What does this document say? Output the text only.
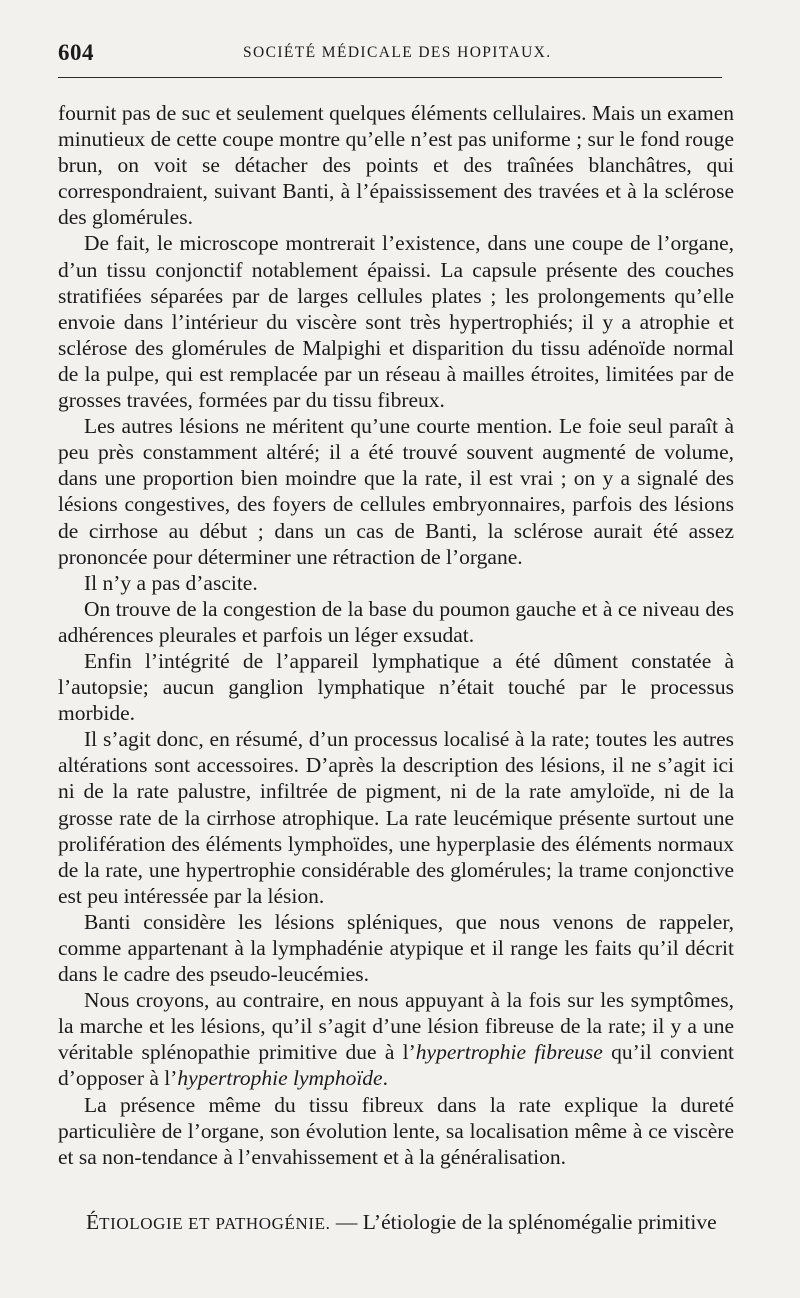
604	SOCIÉTÉ MÉDICALE DES HOPITAUX.

fournit pas de suc et seulement quelques éléments cellulaires. Mais un examen minutieux de cette coupe montre qu’elle n’est pas uniforme ; sur le fond rouge brun, on voit se détacher des points et des traînées blanchâtres, qui correspondraient, suivant Banti, à l’épaississement des travées et à la sclérose des glomérules.

De fait, le microscope montrerait l’existence, dans une coupe de l’organe, d’un tissu conjonctif notablement épaissi. La capsule présente des couches stratifiées séparées par de larges cellules plates ; les prolongements qu’elle envoie dans l’intérieur du viscère sont très hypertrophiés; il y a atrophie et sclérose des glomérules de Malpighi et disparition du tissu adénoïde normal de la pulpe, qui est remplacée par un réseau à mailles étroites, limitées par de grosses travées, formées par du tissu fibreux.

Les autres lésions ne méritent qu’une courte mention. Le foie seul paraît à peu près constamment altéré; il a été trouvé souvent augmenté de volume, dans une proportion bien moindre que la rate, il est vrai ; on y a signalé des lésions congestives, des foyers de cellules embryonnaires, parfois des lésions de cirrhose au début ; dans un cas de Banti, la sclérose aurait été assez prononcée pour déterminer une rétraction de l’organe.

Il n’y a pas d’ascite.

On trouve de la congestion de la base du poumon gauche et à ce niveau des adhérences pleurales et parfois un léger exsudat.

Enfin l’intégrité de l’appareil lymphatique a été dûment constatée à l’autopsie; aucun ganglion lymphatique n’était touché par le processus morbide.

Il s’agit donc, en résumé, d’un processus localisé à la rate; toutes les autres altérations sont accessoires. D’après la description des lésions, il ne s’agit ici ni de la rate palustre, infiltrée de pigment, ni de la rate amyloïde, ni de la grosse rate de la cirrhose atrophique. La rate leucémique présente surtout une prolifération des éléments lymphoïdes, une hyperplasie des éléments normaux de la rate, une hypertrophie considérable des glomérules; la trame conjonctive est peu intéressée par la lésion.

Banti considère les lésions spléniques, que nous venons de rappeler, comme appartenant à la lymphadénie atypique et il range les faits qu’il décrit dans le cadre des pseudo-leucémies.

Nous croyons, au contraire, en nous appuyant à la fois sur les symptômes, la marche et les lésions, qu’il s’agit d’une lésion fibreuse de la rate; il y a une véritable splénopathie primitive due à l’hypertrophie fibreuse qu’il convient d’opposer à l’hypertrophie lymphoïde.

La présence même du tissu fibreux dans la rate explique la dureté particulière de l’organe, son évolution lente, sa localisation même à ce viscère et sa non-tendance à l’envahissement et à la généralisation.

ÉTIOLOGIE ET PATHOGÉNIE. — L’étiologie de la splénomégalie primitive
